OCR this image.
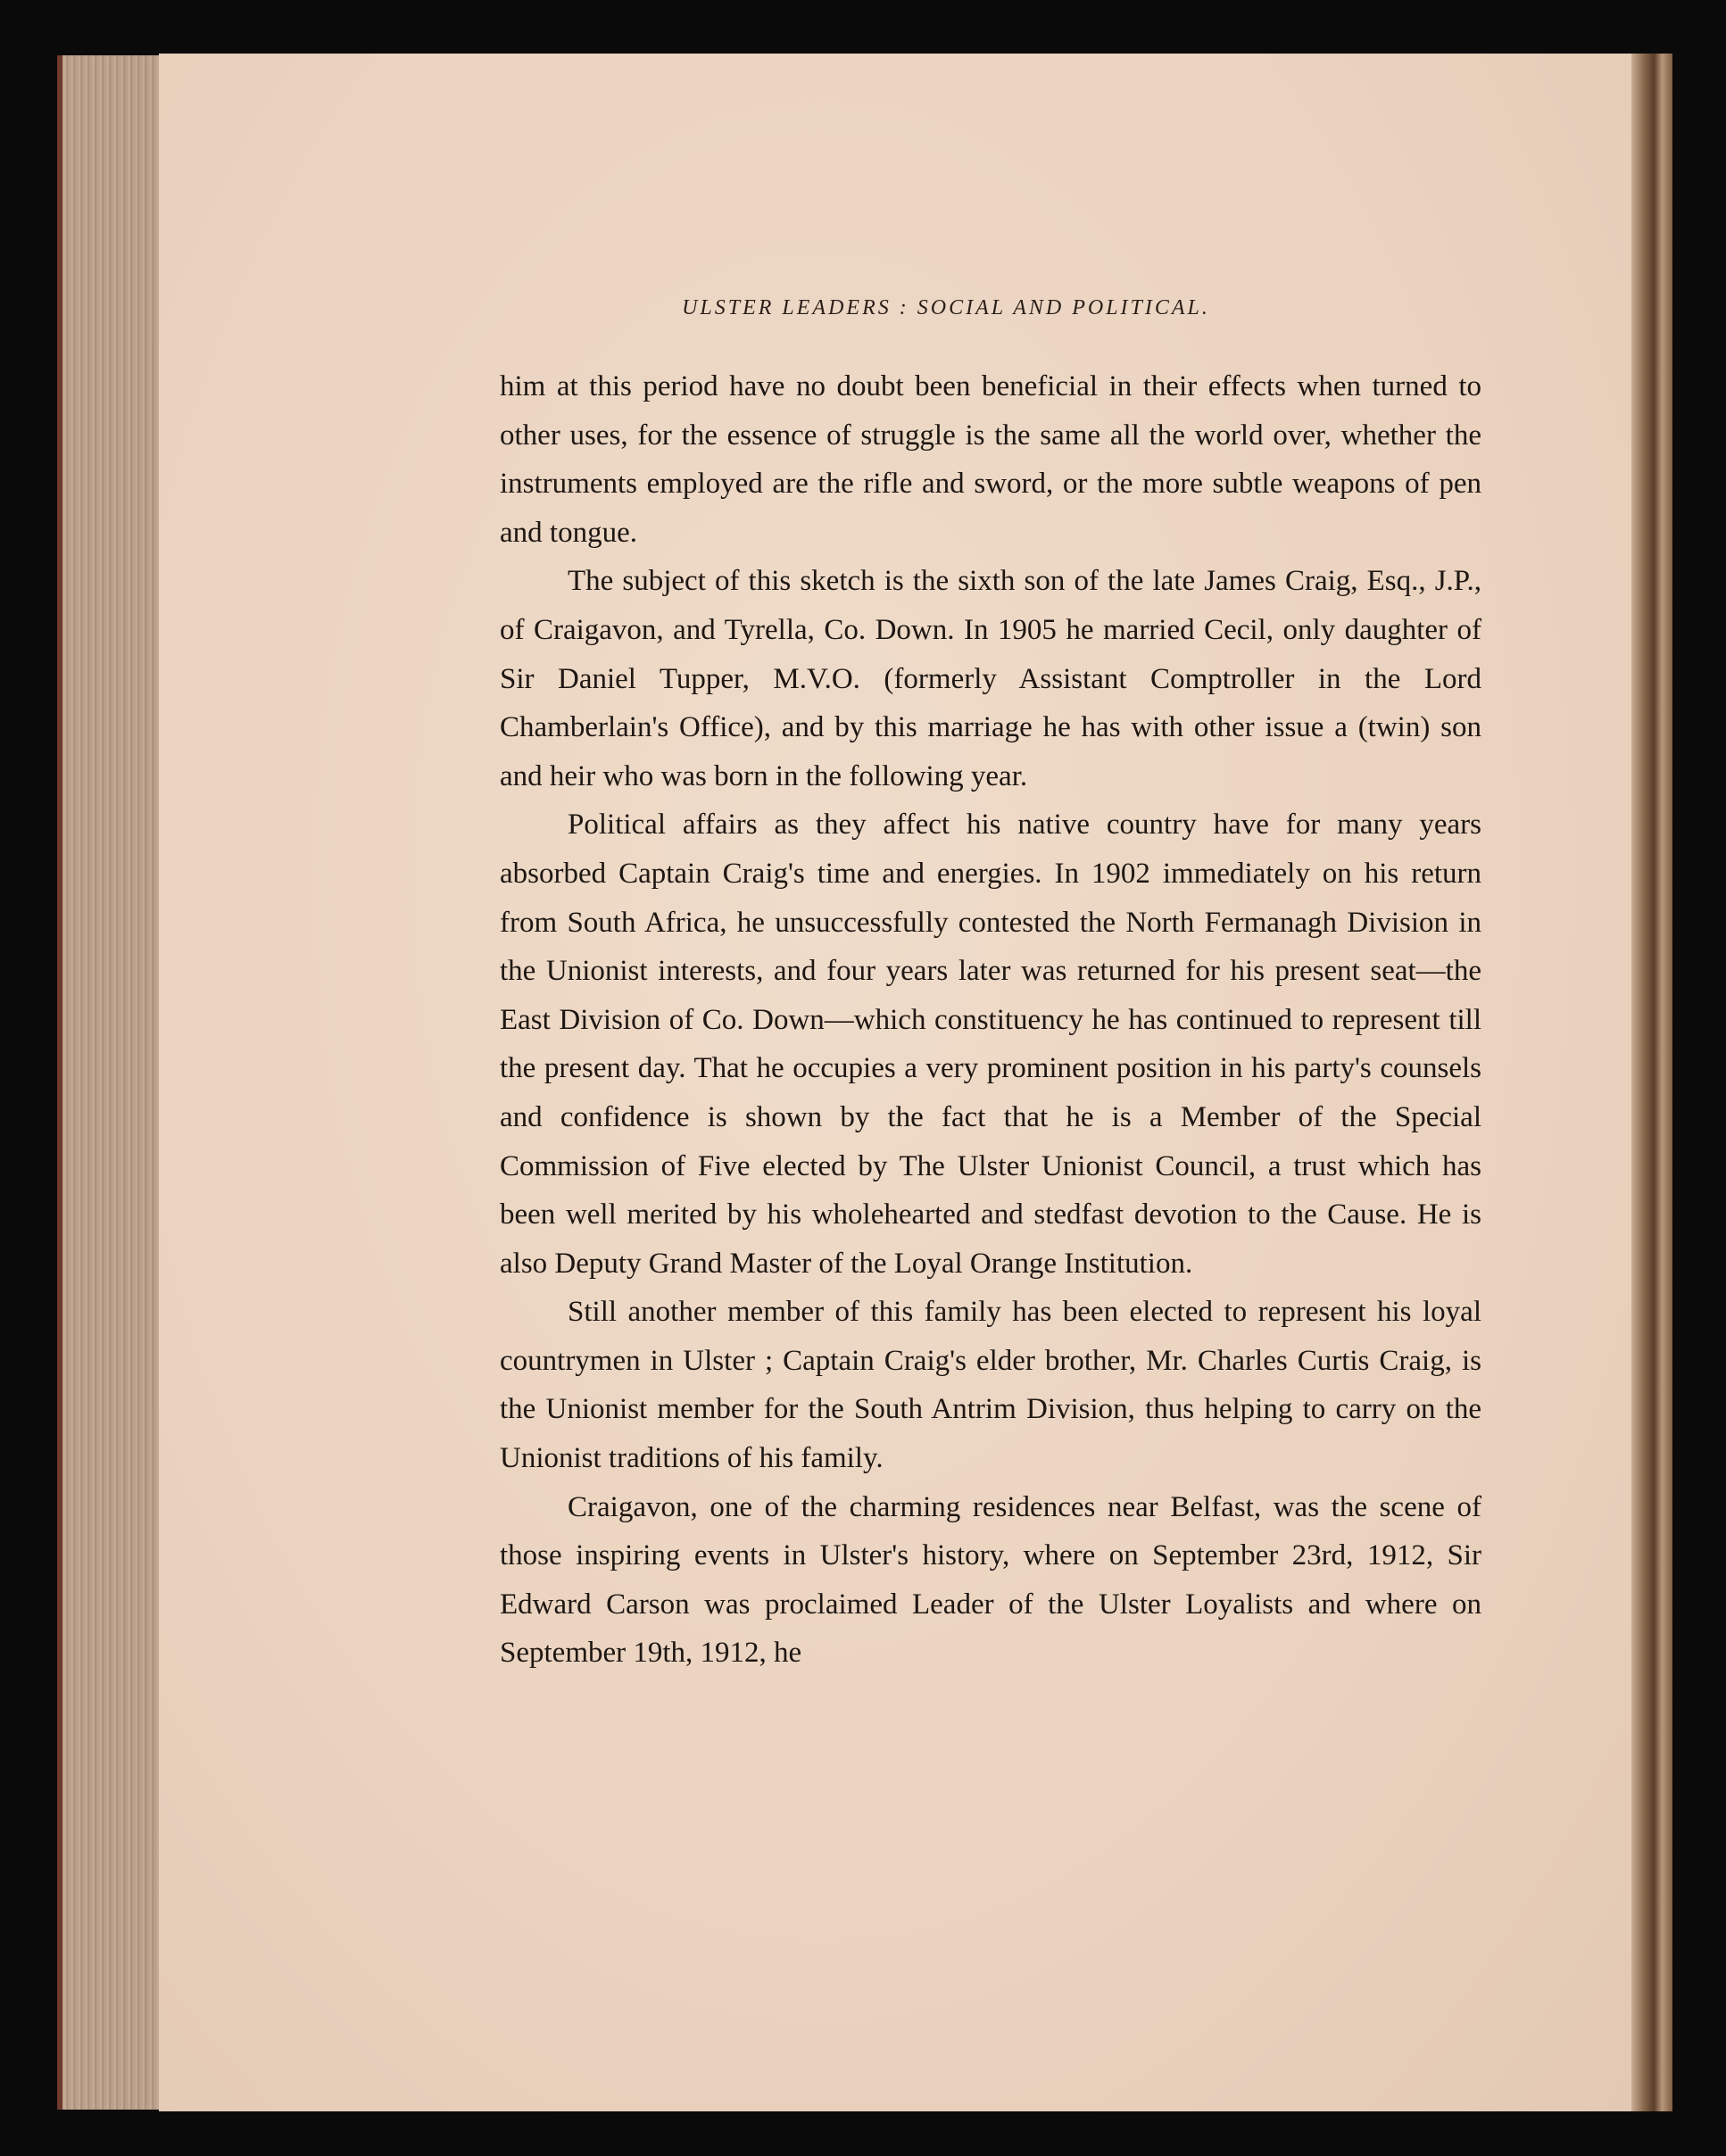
ULSTER LEADERS : SOCIAL AND POLITICAL.

him at this period have no doubt been beneficial in their effects when turned to other uses, for the essence of struggle is the same all the world over, whether the instruments employed are the rifle and sword, or the more subtle weapons of pen and tongue.

The subject of this sketch is the sixth son of the late James Craig, Esq., J.P., of Craigavon, and Tyrella, Co. Down. In 1905 he married Cecil, only daughter of Sir Daniel Tupper, M.V.O. (formerly Assistant Comptroller in the Lord Chamberlain's Office), and by this marriage he has with other issue a (twin) son and heir who was born in the following year.

Political affairs as they affect his native country have for many years absorbed Captain Craig's time and energies. In 1902 immediately on his return from South Africa, he unsuccessfully contested the North Fermanagh Division in the Unionist interests, and four years later was returned for his present seat—the East Division of Co. Down—which constituency he has continued to represent till the present day. That he occupies a very prominent position in his party's counsels and confidence is shown by the fact that he is a Member of the Special Commission of Five elected by The Ulster Unionist Council, a trust which has been well merited by his wholehearted and stedfast devotion to the Cause. He is also Deputy Grand Master of the Loyal Orange Institution.

Still another member of this family has been elected to represent his loyal countrymen in Ulster ; Captain Craig's elder brother, Mr. Charles Curtis Craig, is the Unionist member for the South Antrim Division, thus helping to carry on the Unionist traditions of his family.

Craigavon, one of the charming residences near Belfast, was the scene of those inspiring events in Ulster's history, where on September 23rd, 1912, Sir Edward Carson was proclaimed Leader of the Ulster Loyalists and where on September 19th, 1912, he
